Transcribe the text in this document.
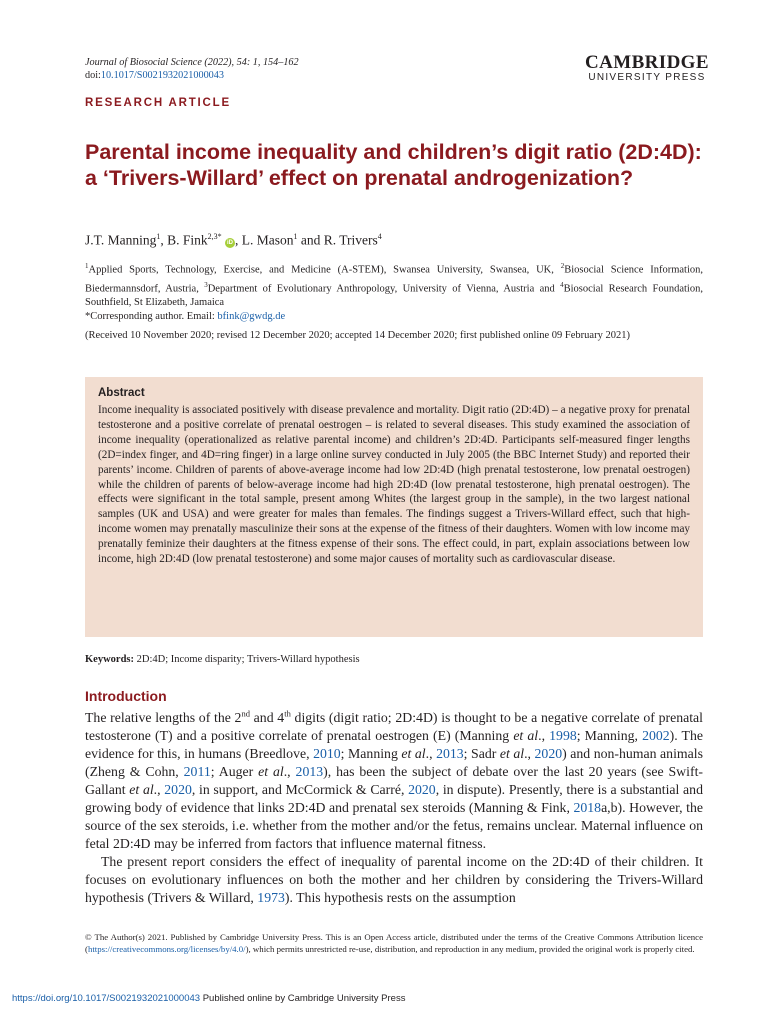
Journal of Biosocial Science (2022), 54: 1, 154–162
doi:10.1017/S0021932021000043
CAMBRIDGE
UNIVERSITY PRESS
RESEARCH ARTICLE
Parental income inequality and children’s digit ratio (2D:4D): a ‘Trivers-Willard’ effect on prenatal androgenization?
J.T. Manning$^1$, B. Fink$^{2,3*}$ iD , L. Mason$^1$ and R. Trivers$^4$
$^1$Applied Sports, Technology, Exercise, and Medicine (A-STEM), Swansea University, Swansea, UK, $^2$Biosocial Science Information, Biedermannsdorf, Austria, $^3$Department of Evolutionary Anthropology, University of Vienna, Austria and $^4$Biosocial Research Foundation, Southfield, St Elizabeth, Jamaica
*Corresponding author. Email: bfink@gwdg.de
(Received 10 November 2020; revised 12 December 2020; accepted 14 December 2020; first published online 09 February 2021)
Abstract

Income inequality is associated positively with disease prevalence and mortality. Digit ratio (2D:4D) – a negative proxy for prenatal testosterone and a positive correlate of prenatal oestrogen – is related to several diseases. This study examined the association of income inequality (operationalized as relative parental income) and children’s 2D:4D. Participants self-measured finger lengths (2D=index finger, and 4D=ring finger) in a large online survey conducted in July 2005 (the BBC Internet Study) and reported their parents’ income. Children of parents of above-average income had low 2D:4D (high prenatal testosterone, low prenatal oestrogen) while the children of parents of below-average income had high 2D:4D (low prenatal testosterone, high prenatal oestrogen). The effects were significant in the total sample, present among Whites (the largest group in the sample), in the two largest national samples (UK and USA) and were greater for males than females. The findings suggest a Trivers-Willard effect, such that high-income women may prenatally masculinize their sons at the expense of the fitness of their daughters. Women with low income may prenatally feminize their daughters at the fitness expense of their sons. The effect could, in part, explain associations between low income, high 2D:4D (low prenatal testosterone) and some major causes of mortality such as cardiovascular disease.

Keywords: 2D:4D; Income disparity; Trivers-Willard hypothesis
Introduction

The relative lengths of the 2nd and 4th digits (digit ratio; 2D:4D) is thought to be a negative correlate of prenatal testosterone (T) and a positive correlate of prenatal oestrogen (E) (Manning et al., 1998; Manning, 2002). The evidence for this, in humans (Breedlove, 2010; Manning et al., 2013; Sadr et al., 2020) and non-human animals (Zheng & Cohn, 2011; Auger et al., 2013), has been the subject of debate over the last 20 years (see Swift-Gallant et al., 2020, in support, and McCormick & Carré, 2020, in dispute). Presently, there is a substantial and growing body of evidence that links 2D:4D and prenatal sex steroids (Manning & Fink, 2018a,b). However, the source of the sex steroids, i.e. whether from the mother and/or the fetus, remains unclear. Maternal influence on fetal 2D:4D may be inferred from factors that influence maternal fitness.

The present report considers the effect of inequality of parental income on the 2D:4D of their children. It focuses on evolutionary influences on both the mother and her children by considering the Trivers-Willard hypothesis (Trivers & Willard, 1973). This hypothesis rests on the assumption

© The Author(s) 2021. Published by Cambridge University Press. This is an Open Access article, distributed under the terms of the Creative Commons Attribution licence (https://creativecommons.org/licenses/by/4.0/), which permits unrestricted re-use, distribution, and reproduction in any medium, provided the original work is properly cited.
https://doi.org/10.1017/S0021932021000043 Published online by Cambridge University Press
